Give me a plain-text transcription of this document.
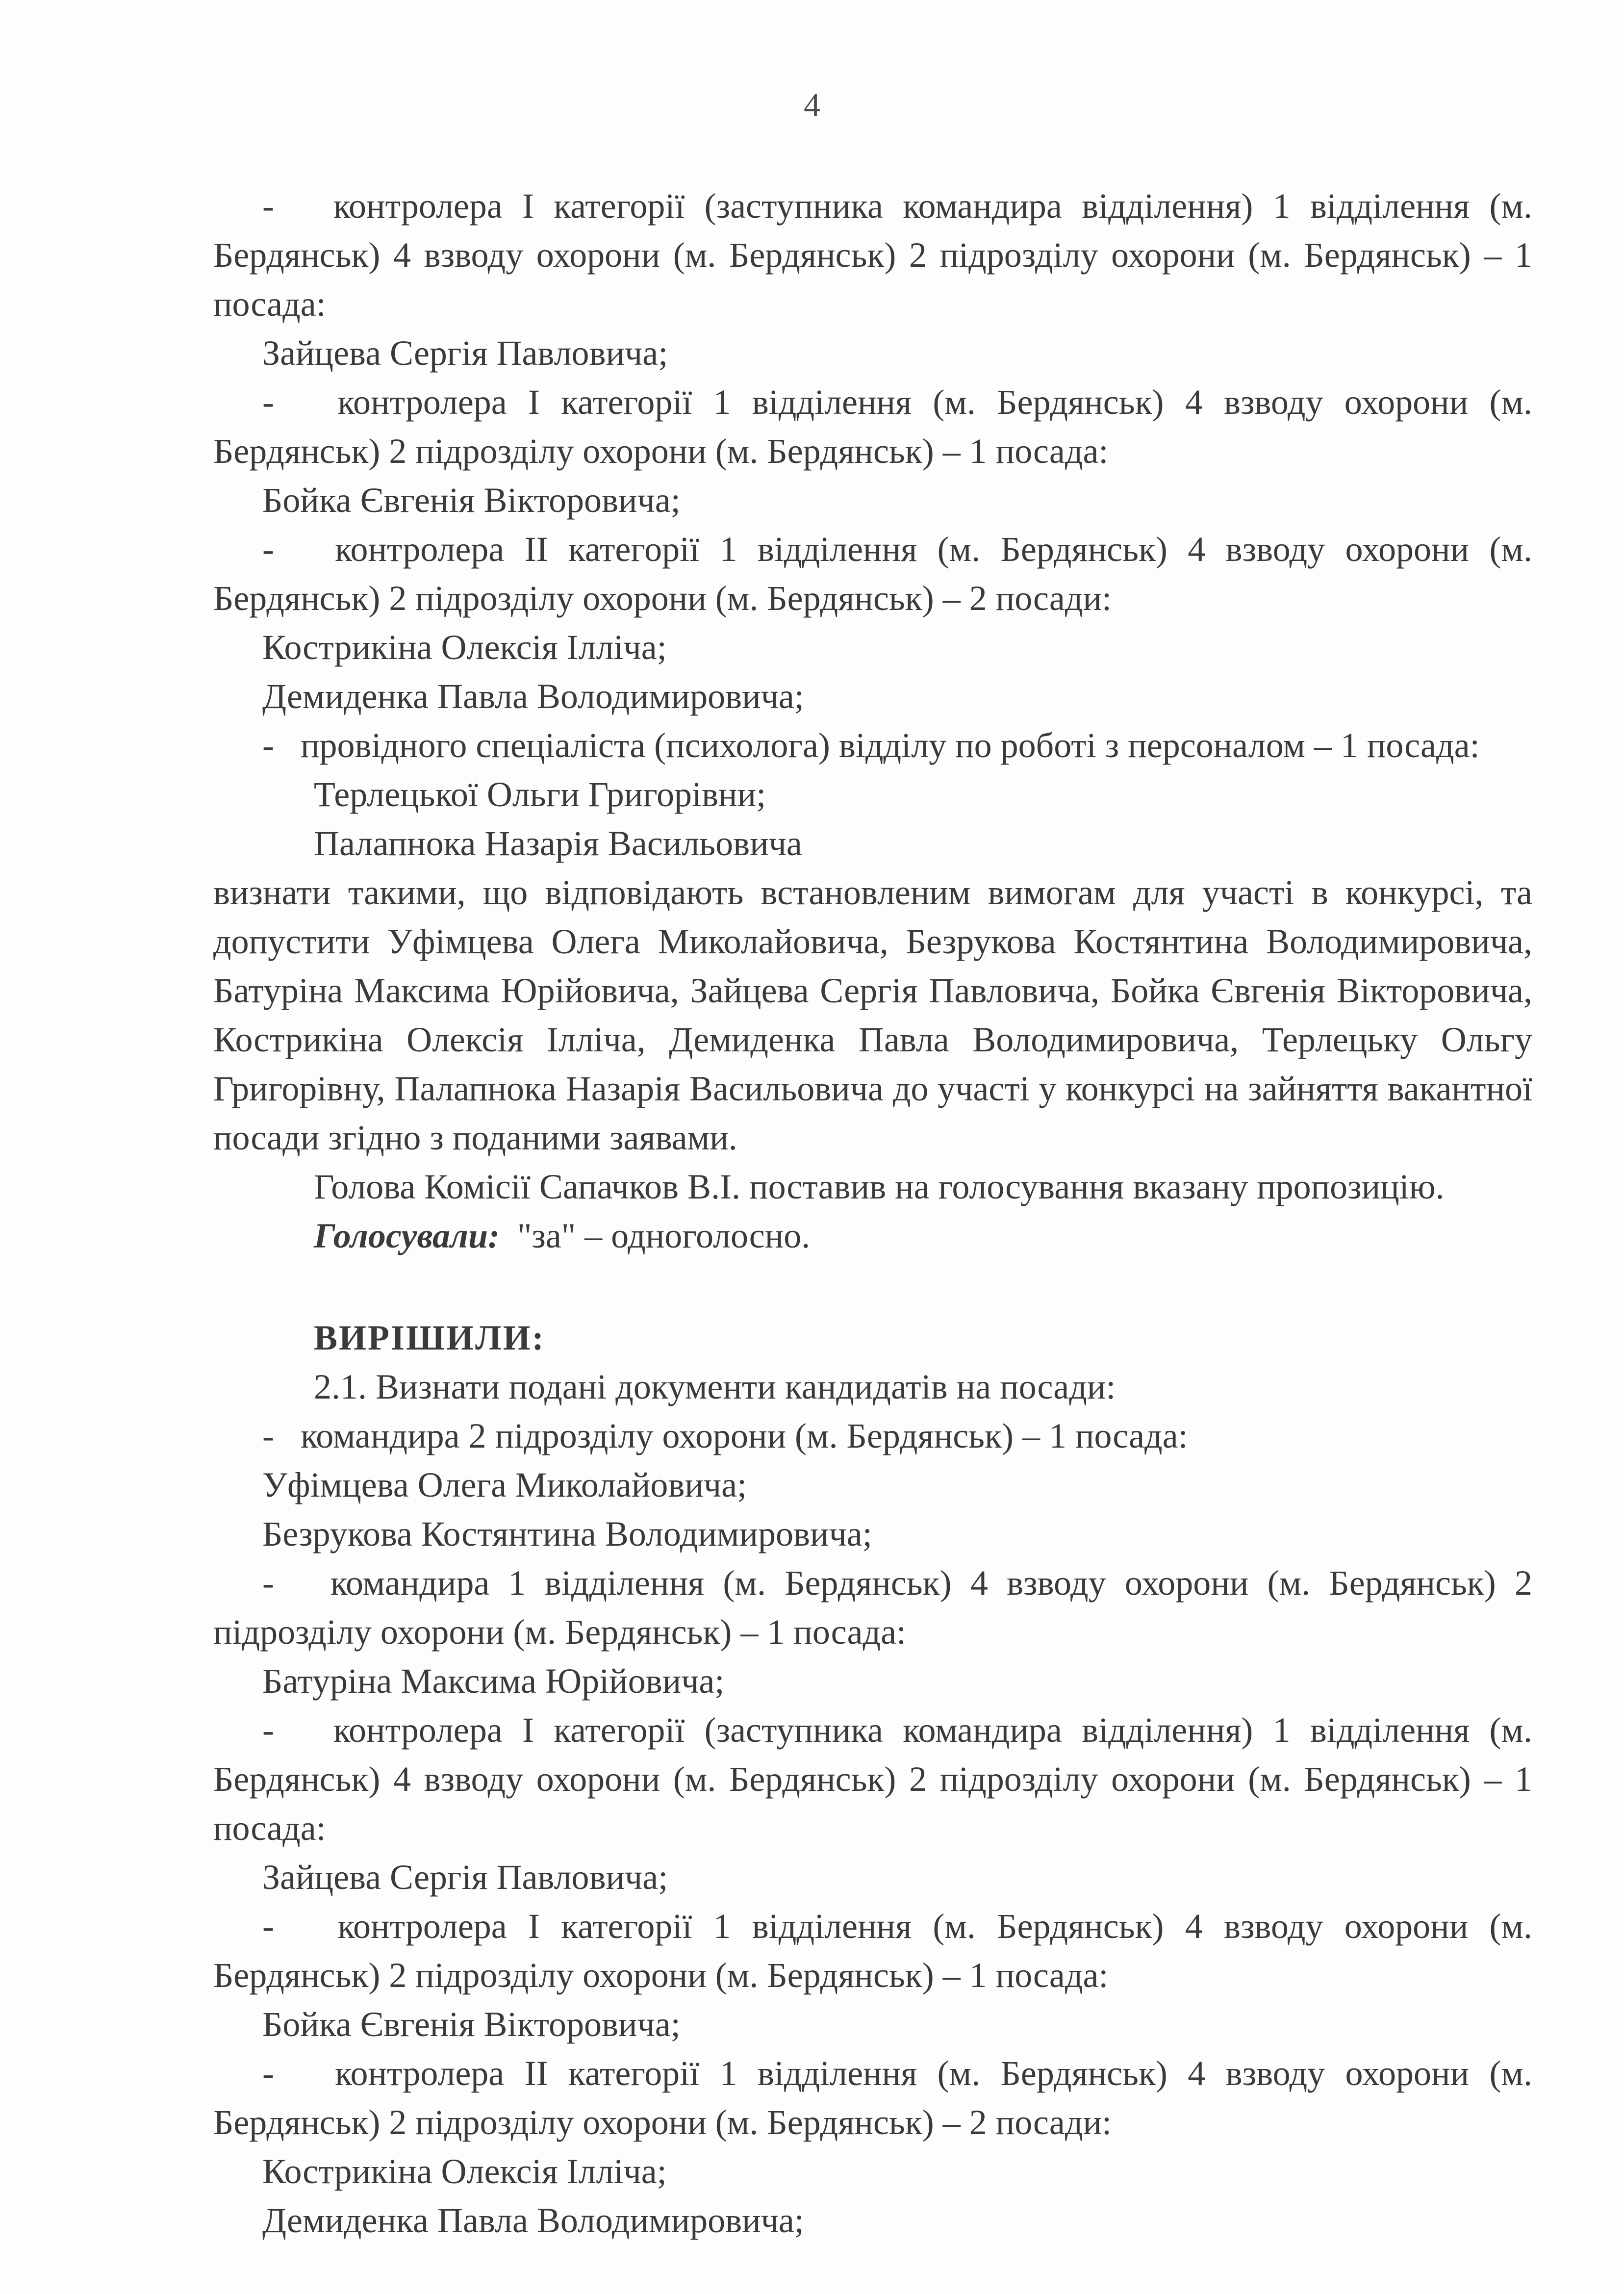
4

- контролера І категорії (заступника командира відділення) 1 відділення (м. Бердянськ) 4 взводу охорони (м. Бердянськ) 2 підрозділу охорони (м. Бердянськ) – 1 посада:

Зайцева Сергія Павловича;

- контролера І категорії 1 відділення (м. Бердянськ) 4 взводу охорони (м. Бердянськ) 2 підрозділу охорони (м. Бердянськ) – 1 посада:

Бойка Євгенія Вікторовича;

- контролера ІІ категорії 1 відділення (м. Бердянськ) 4 взводу охорони (м. Бердянськ) 2 підрозділу охорони (м. Бердянськ) – 2 посади:

Кострикіна Олексія Ілліча;

Демиденка Павла Володимировича;

- провідного спеціаліста (психолога) відділу по роботі з персоналом – 1 посада:

Терлецької Ольги Григорівни;

Палапнока Назарія Васильовича

визнати такими, що відповідають встановленим вимогам для участі в конкурсі, та допустити Уфімцева Олега Миколайовича, Безрукова Костянтина Володимировича, Батуріна Максима Юрійовича, Зайцева Сергія Павловича, Бойка Євгенія Вікторовича, Кострикіна Олексія Ілліча, Демиденка Павла Володимировича, Терлецьку Ольгу Григорівну, Палапнока Назарія Васильовича до участі у конкурсі на зайняття вакантної посади згідно з поданими заявами.

Голова Комісії Сапачков В.І. поставив на голосування вказану пропозицію.

Голосували: "за" – одноголосно.

ВИРІШИЛИ:

2.1. Визнати подані документи кандидатів на посади:

- командира 2 підрозділу охорони (м. Бердянськ) – 1 посада:

Уфімцева Олега Миколайовича;

Безрукова Костянтина Володимировича;

- командира 1 відділення (м. Бердянськ) 4 взводу охорони (м. Бердянськ) 2 підрозділу охорони (м. Бердянськ) – 1 посада:

Батуріна Максима Юрійовича;

- контролера І категорії (заступника командира відділення) 1 відділення (м. Бердянськ) 4 взводу охорони (м. Бердянськ) 2 підрозділу охорони (м. Бердянськ) – 1 посада:

Зайцева Сергія Павловича;

- контролера І категорії 1 відділення (м. Бердянськ) 4 взводу охорони (м. Бердянськ) 2 підрозділу охорони (м. Бердянськ) – 1 посада:

Бойка Євгенія Вікторовича;

- контролера ІІ категорії 1 відділення (м. Бердянськ) 4 взводу охорони (м. Бердянськ) 2 підрозділу охорони (м. Бердянськ) – 2 посади:

Кострикіна Олексія Ілліча;

Демиденка Павла Володимировича;
